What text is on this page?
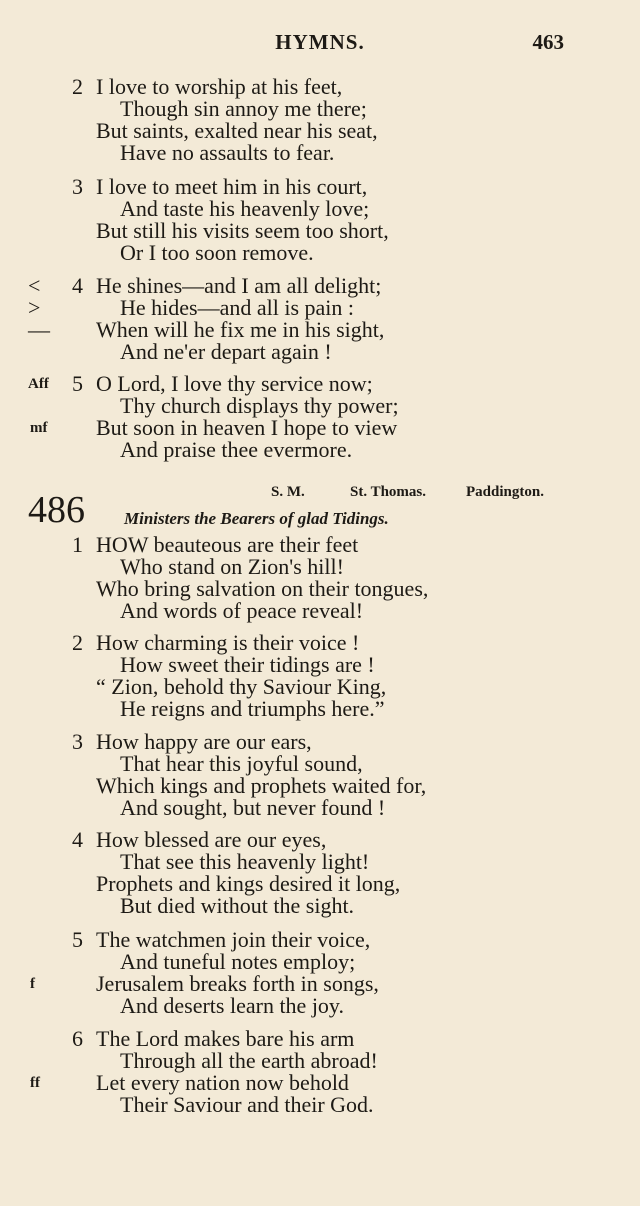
HYMNS.	463
2 I love to worship at his feet,
Though sin annoy me there;
But saints, exalted near his seat,
Have no assaults to fear.
3 I love to meet him in his court,
And taste his heavenly love;
But still his visits seem too short,
Or I too soon remove.
<
>
—
4 He shines—and I am all delight;
He hides—and all is pain :
When will he fix me in his sight,
And ne'er depart again !
Aff
mf
5 O Lord, I love thy service now;
Thy church displays thy power;
But soon in heaven I hope to view
And praise thee evermore.
486	S. M.	St. Thomas.	Paddington.
Ministers the Bearers of glad Tidings.
1 HOW beauteous are their feet
Who stand on Zion's hill!
Who bring salvation on their tongues,
And words of peace reveal!
2 How charming is their voice !
How sweet their tidings are !
“ Zion, behold thy Saviour King,
He reigns and triumphs here.”
3 How happy are our ears,
That hear this joyful sound,
Which kings and prophets waited for,
And sought, but never found !
4 How blessed are our eyes,
That see this heavenly light!
Prophets and kings desired it long,
But died without the sight.
5 The watchmen join their voice,
And tuneful notes employ;
f	Jerusalem breaks forth in songs,
And deserts learn the joy.
6 The Lord makes bare his arm
Through all the earth abroad!
ff	Let every nation now behold
Their Saviour and their God.
